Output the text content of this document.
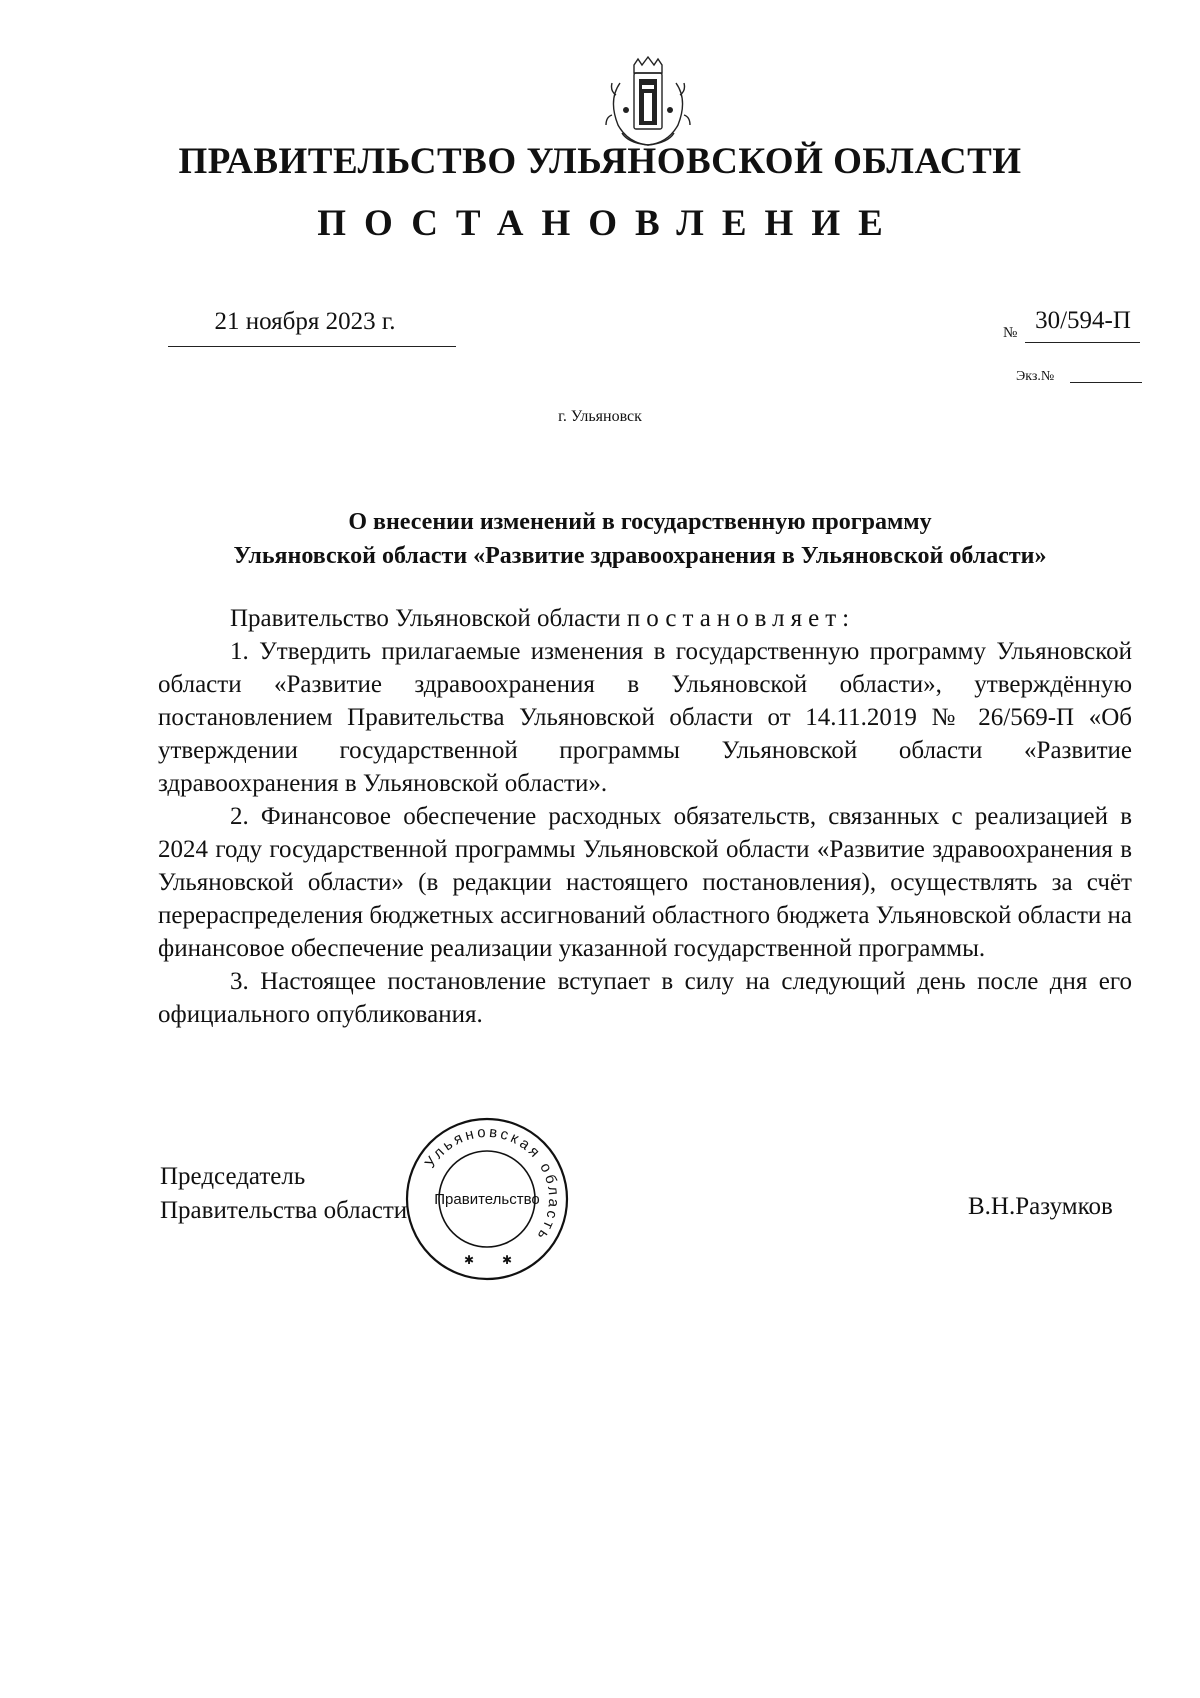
ПРАВИТЕЛЬСТВО УЛЬЯНОВСКОЙ ОБЛАСТИ
ПОСТАНОВЛЕНИЕ
21 ноября 2023 г.	№ 30/594-П
Экз.№
г. Ульяновск
О внесении изменений в государственную программу
Ульяновской области «Развитие здравоохранения в Ульяновской области»

Правительство Ульяновской области постановляет:

1. Утвердить прилагаемые изменения в государственную программу Ульяновской области «Развитие здравоохранения в Ульяновской области», утверждённую постановлением Правительства Ульяновской области от 14.11.2019 № 26/569-П «Об утверждении государственной программы Ульяновской области «Развитие здравоохранения в Ульяновской области».

2. Финансовое обеспечение расходных обязательств, связанных с реализацией в 2024 году государственной программы Ульяновской области «Развитие здравоохранения в Ульяновской области» (в редакции настоящего постановления), осуществлять за счёт перераспределения бюджетных ассигнований областного бюджета Ульяновской области на финансовое обеспечение реализации указанной государственной программы.

3. Настоящее постановление вступает в силу на следующий день после дня его официального опубликования.

Председатель
Правительства области	В.Н.Разумков
Ульяновская область
Правительство
✱ ✱
